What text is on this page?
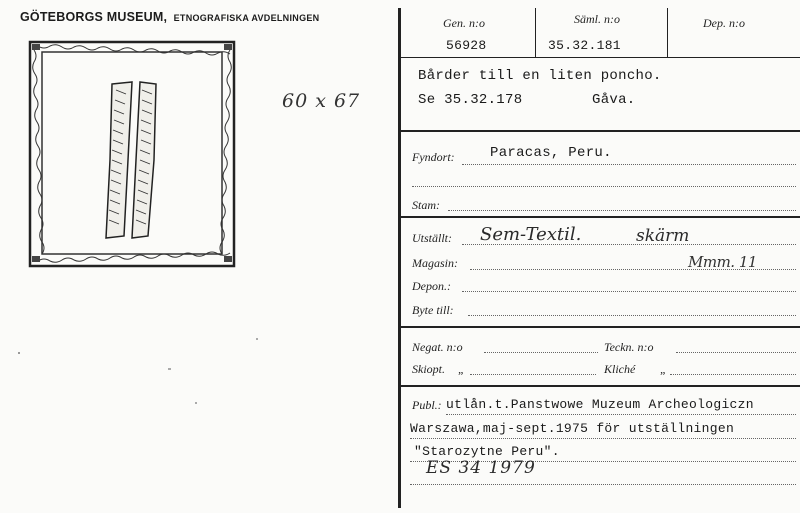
GÖTEBORGS MUSEUM, ETNOGRAFISKA AVDELNINGEN
60 x 67
Gen. n:o	Säml. n:o	Dep. n:o
56928	35.32.181
Bårder till en liten poncho.
Se 35.32.178	Gåva.
Fyndort:	Paracas, Peru.
Stam:
Utställt: Sem-Textil.	skärm
Magasin:	Mmm. 11
Depon.:
Byte till:
Negat. n:o	Teckn. n:o
Skiopt. „	Kliché „
Publ.: utlån.t.Panstwowe Muzeum Archeologiczn
Warszawa,maj-sept.1975 för utställningen
"Starozytne Peru".
ES 34 1979
